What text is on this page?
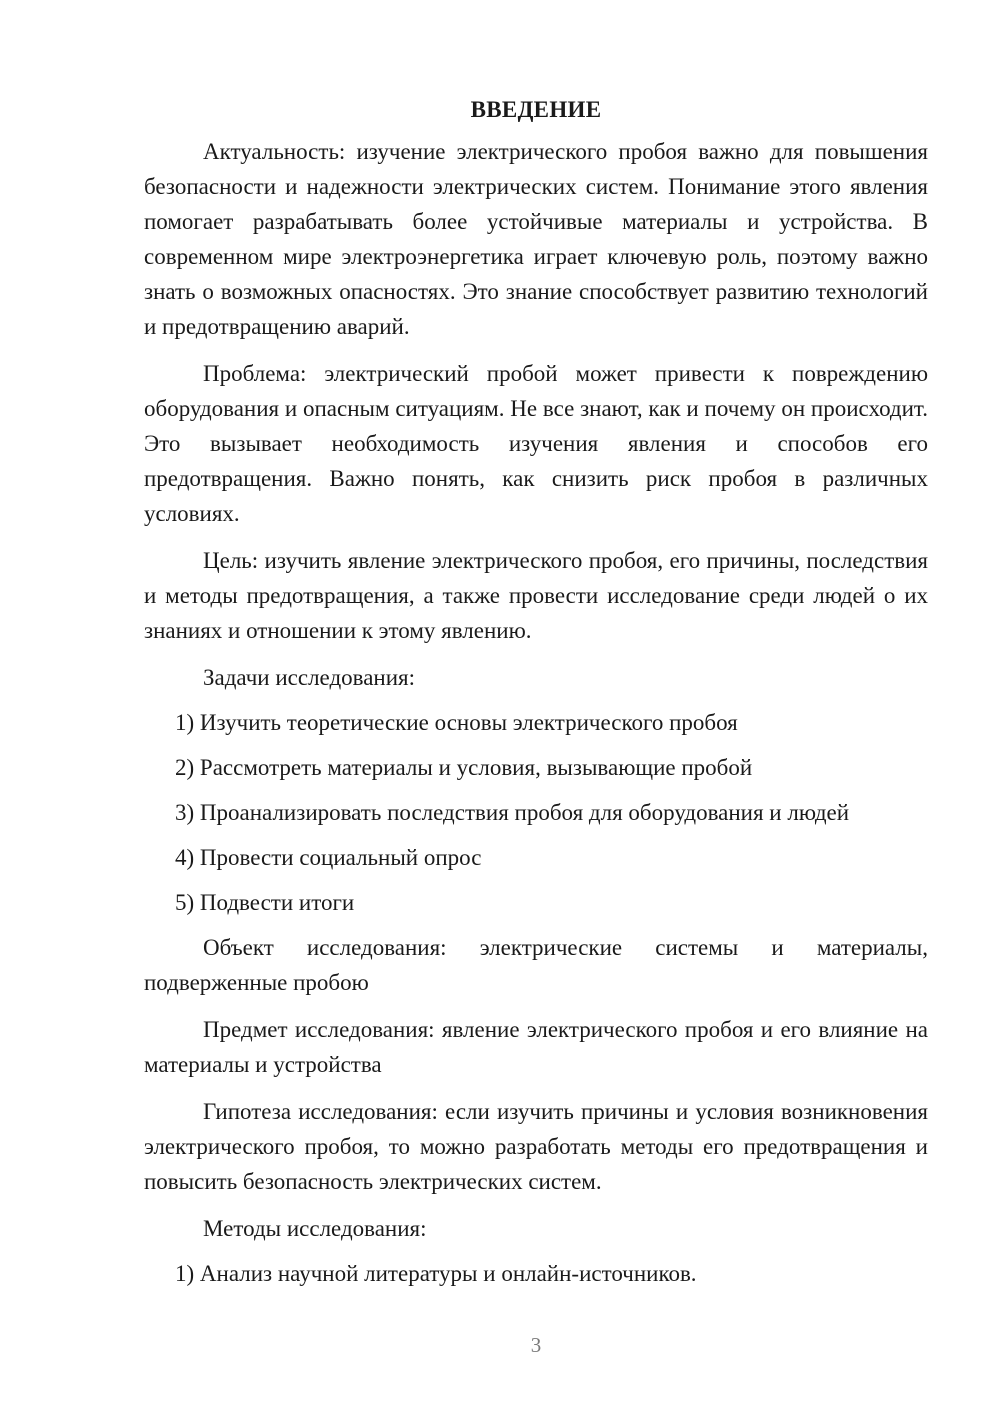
ВВЕДЕНИЕ

Актуальность: изучение электрического пробоя важно для повышения безопасности и надежности электрических систем. Понимание этого явления помогает разрабатывать более устойчивые материалы и устройства. В современном мире электроэнергетика играет ключевую роль, поэтому важно знать о возможных опасностях. Это знание способствует развитию технологий и предотвращению аварий.

Проблема: электрический пробой может привести к повреждению оборудования и опасным ситуациям. Не все знают, как и почему он происходит. Это вызывает необходимость изучения явления и способов его предотвращения. Важно понять, как снизить риск пробоя в различных условиях.

Цель: изучить явление электрического пробоя, его причины, последствия и методы предотвращения, а также провести исследование среди людей о их знаниях и отношении к этому явлению.

Задачи исследования:
1) Изучить теоретические основы электрического пробоя
2) Рассмотреть материалы и условия, вызывающие пробой
3) Проанализировать последствия пробоя для оборудования и людей
4) Провести социальный опрос
5) Подвести итоги

Объект исследования: электрические системы и материалы, подверженные пробою

Предмет исследования: явление электрического пробоя и его влияние на материалы и устройства

Гипотеза исследования: если изучить причины и условия возникновения электрического пробоя, то можно разработать методы его предотвращения и повысить безопасность электрических систем.

Методы исследования:
1) Анализ научной литературы и онлайн-источников.
3
